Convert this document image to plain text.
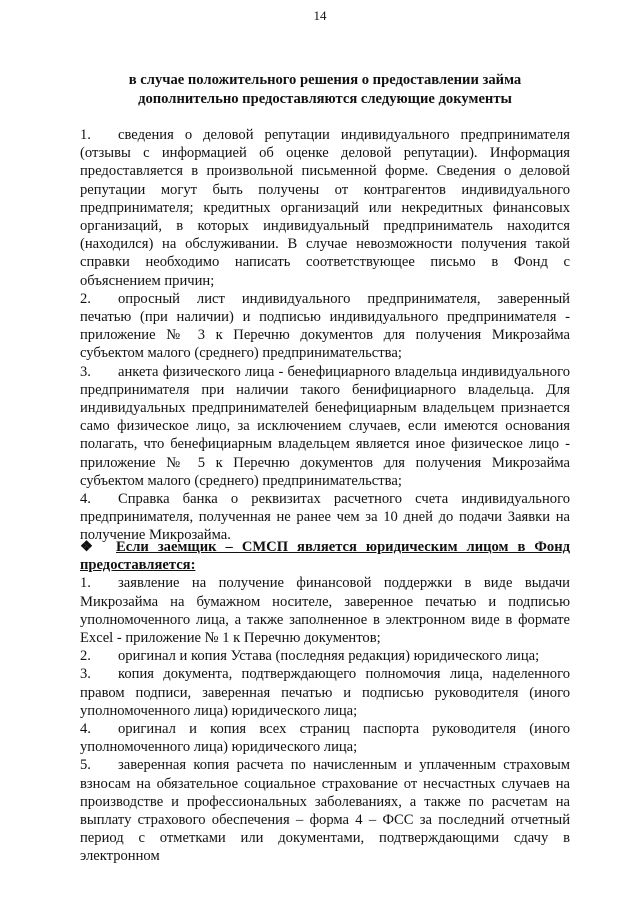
14
в случае положительного решения о предоставлении займа
дополнительно предоставляются следующие документы

1. сведения о деловой репутации индивидуального предпринимателя (отзывы с информацией об оценке деловой репутации). Информация предоставляется в произвольной письменной форме. Сведения о деловой репутации могут быть получены от контрагентов индивидуального предпринимателя; кредитных организаций или некредитных финансовых организаций, в которых индивидуальный предприниматель находится (находился) на обслуживании. В случае невозможности получения такой справки необходимо написать соответствующее письмо в Фонд с объяснением причин;

2. опросный лист индивидуального предпринимателя, заверенный печатью (при наличии) и подписью индивидуального предпринимателя - приложение № 3 к Перечню документов для получения Микрозайма субъектом малого (среднего) предпринимательства;

3. анкета физического лица - бенефициарного владельца индивидуального предпринимателя при наличии такого бенифициарного владельца. Для индивидуальных предпринимателей бенефициарным владельцем признается само физическое лицо, за исключением случаев, если имеются основания полагать, что бенефициарным владельцем является иное физическое лицо - приложение № 5 к Перечню документов для получения Микрозайма субъектом малого (среднего) предпринимательства;

4. Справка банка о реквизитах расчетного счета индивидуального предпринимателя, полученная не ранее чем за 10 дней до подачи Заявки на получение Микрозайма.

❖ Если заемщик – СМСП является юридическим лицом в Фонд предоставляется:

1. заявление на получение финансовой поддержки в виде выдачи Микрозайма на бумажном носителе, заверенное печатью и подписью уполномоченного лица, а также заполненное в электронном виде в формате Excel - приложение № 1 к Перечню документов;

2. оригинал и копия Устава (последняя редакция) юридического лица;

3. копия документа, подтверждающего полномочия лица, наделенного правом подписи, заверенная печатью и подписью руководителя (иного уполномоченного лица) юридического лица;

4. оригинал и копия всех страниц паспорта руководителя (иного уполномоченного лица) юридического лица;

5. заверенная копия расчета по начисленным и уплаченным страховым взносам на обязательное социальное страхование от несчастных случаев на производстве и профессиональных заболеваниях, а также по расчетам на выплату страхового обеспечения – форма 4 – ФСС за последний отчетный период с отметками или документами, подтверждающими сдачу в электронном
